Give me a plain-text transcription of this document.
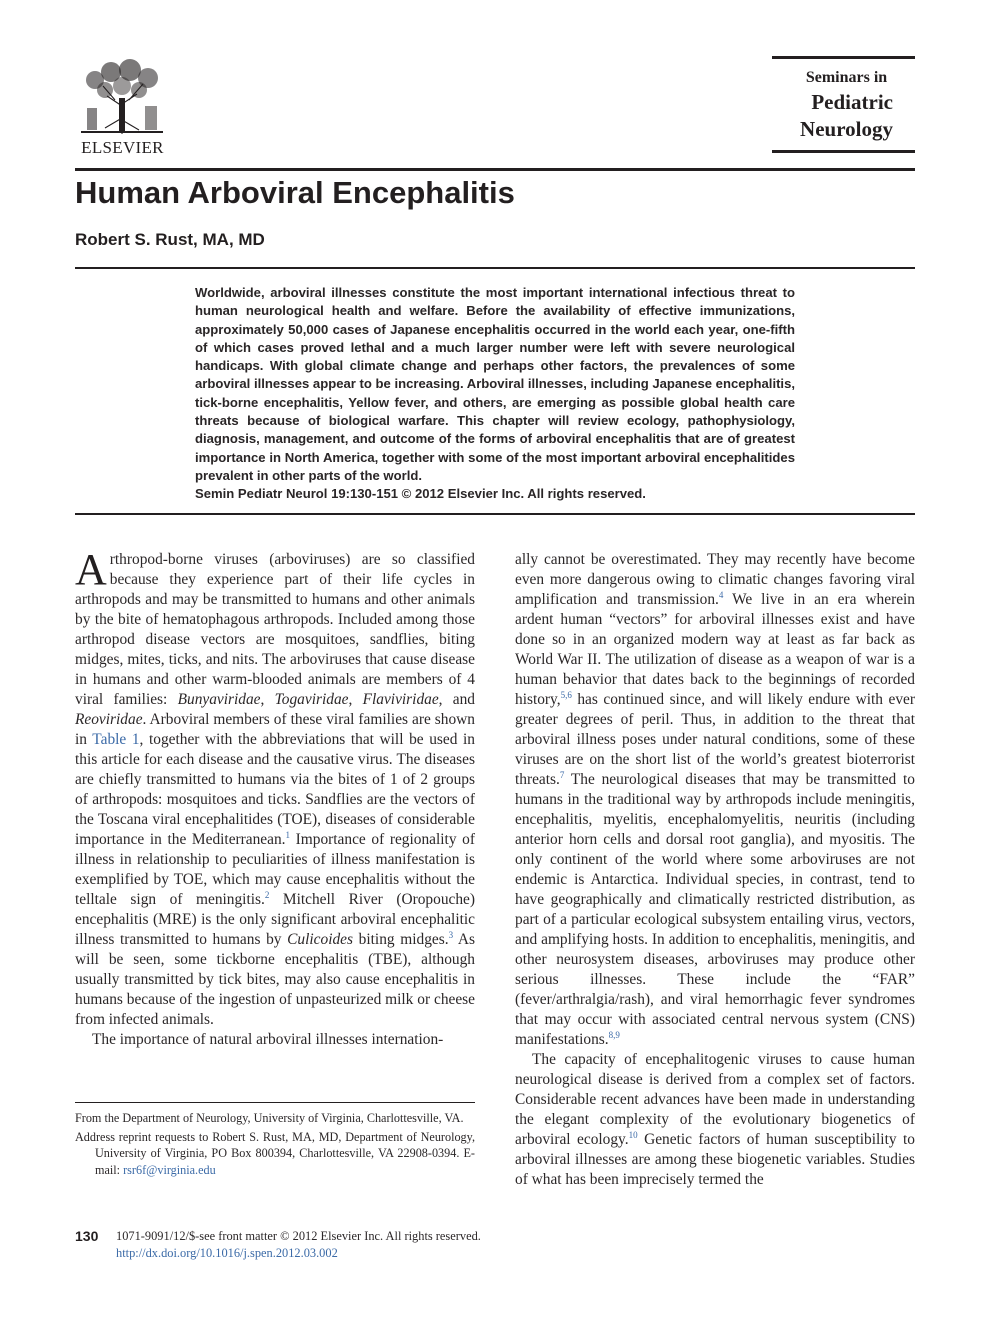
ELSEVIER
Seminars in
Pediatric
Neurology
Human Arboviral Encephalitis
Robert S. Rust, MA, MD

Worldwide, arboviral illnesses constitute the most important international infectious threat to human neurological health and welfare. Before the availability of effective immunizations, approximately 50,000 cases of Japanese encephalitis occurred in the world each year, one-fifth of which cases proved lethal and a much larger number were left with severe neurological handicaps. With global climate change and perhaps other factors, the prevalences of some arboviral illnesses appear to be increasing. Arboviral illnesses, including Japanese encephalitis, tick-borne encephalitis, Yellow fever, and others, are emerging as possible global health care threats because of biological warfare. This chapter will review ecology, pathophysiology, diagnosis, management, and outcome of the forms of arboviral encephalitis that are of greatest importance in North America, together with some of the most important arboviral encephalitides prevalent in other parts of the world.

Semin Pediatr Neurol 19:130-151 © 2012 Elsevier Inc. All rights reserved.

Arthropod-borne viruses (arboviruses) are so classified because they experience part of their life cycles in arthropods and may be transmitted to humans and other animals by the bite of hematophagous arthropods. Included among those arthropod disease vectors are mosquitoes, sandflies, biting midges, mites, ticks, and nits. The arboviruses that cause disease in humans and other warm-blooded animals are members of 4 viral families: Bunyaviridae, Togaviridae, Flaviviridae, and Reoviridae. Arboviral members of these viral families are shown in Table 1, together with the abbreviations that will be used in this article for each disease and the causative virus. The diseases are chiefly transmitted to humans via the bites of 1 of 2 groups of arthropods: mosquitoes and ticks. Sandflies are the vectors of the Toscana viral encephalitides (TOE), diseases of considerable importance in the Mediterranean.$^1$ Importance of regionality of illness in relationship to peculiarities of illness manifestation is exemplified by TOE, which may cause encephalitis without the telltale sign of meningitis.$^2$ Mitchell River (Oropouche) encephalitis (MRE) is the only significant arboviral encephalitic illness transmitted to humans by Culicoides biting midges.$^3$ As will be seen, some tickborne encephalitis (TBE), although usually transmitted by tick bites, may also cause encephalitis in humans because of the ingestion of unpasteurized milk or cheese from infected animals.

The importance of natural arboviral illnesses internation-

ally cannot be overestimated. They may recently have become even more dangerous owing to climatic changes favoring viral amplification and transmission.$^4$ We live in an era wherein ardent human “vectors” for arboviral illnesses exist and have done so in an organized modern way at least as far back as World War II. The utilization of disease as a weapon of war is a human behavior that dates back to the beginnings of recorded history,$^{5,6}$ has continued since, and will likely endure with ever greater degrees of peril. Thus, in addition to the threat that arboviral illness poses under natural conditions, some of these viruses are on the short list of the world’s greatest bioterrorist threats.$^7$ The neurological diseases that may be transmitted to humans in the traditional way by arthropods include meningitis, encephalitis, myelitis, encephalomyelitis, neuritis (including anterior horn cells and dorsal root ganglia), and myositis. The only continent of the world where some arboviruses are not endemic is Antarctica. Individual species, in contrast, tend to have geographically and climatically restricted distribution, as part of a particular ecological subsystem entailing virus, vectors, and amplifying hosts. In addition to encephalitis, meningitis, and other neurosystem diseases, arboviruses may produce other serious illnesses. These include the “FAR” (fever/arthralgia/rash), and viral hemorrhagic fever syndromes that may occur with associated central nervous system (CNS) manifestations.$^{8,9}$

The capacity of encephalitogenic viruses to cause human neurological disease is derived from a complex set of factors. Considerable recent advances have been made in understanding the elegant complexity of the evolutionary biogenetics of arboviral ecology.$^{10}$ Genetic factors of human susceptibility to arboviral illnesses are among these biogenetic variables. Studies of what has been imprecisely termed the

From the Department of Neurology, University of Virginia, Charlottesville, VA.

Address reprint requests to Robert S. Rust, MA, MD, Department of Neurology, University of Virginia, PO Box 800394, Charlottesville, VA 22908-0394. E-mail: rsr6f@virginia.edu

130 1071-9091/12/$-see front matter © 2012 Elsevier Inc. All rights reserved.
http://dx.doi.org/10.1016/j.spen.2012.03.002
